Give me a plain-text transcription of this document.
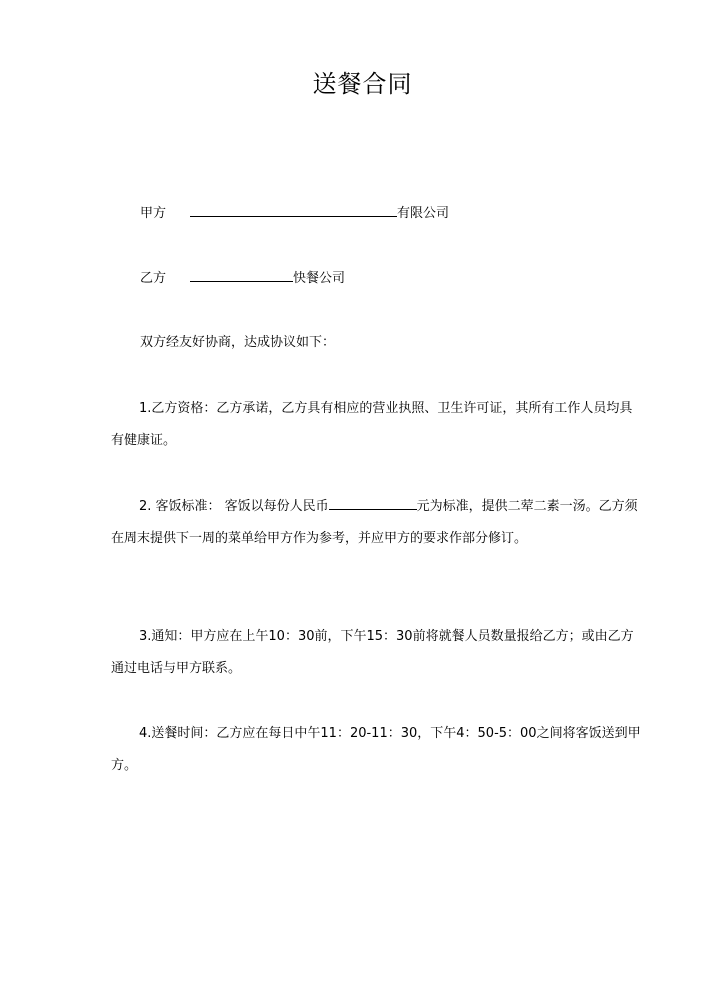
送餐合同
甲方	有限公司
乙方	快餐公司
双方经友好协商，达成协议如下：
1.乙方资格：乙方承诺，乙方具有相应的营业执照、卫生许可证，其所有工作人员均具有健康证。
2. 客饭标准： 客饭以每份人民币	元为标准，提供二荤二素一汤。乙方须在周末提供下一周的菜单给甲方作为参考，并应甲方的要求作部分修订。
3.通知：甲方应在上午10：30前，下午15：30前将就餐人员数量报给乙方；或由乙方通过电话与甲方联系。
4.送餐时间：乙方应在每日中午11：20-11：30，下午4：50-5：00之间将客饭送到甲方。
